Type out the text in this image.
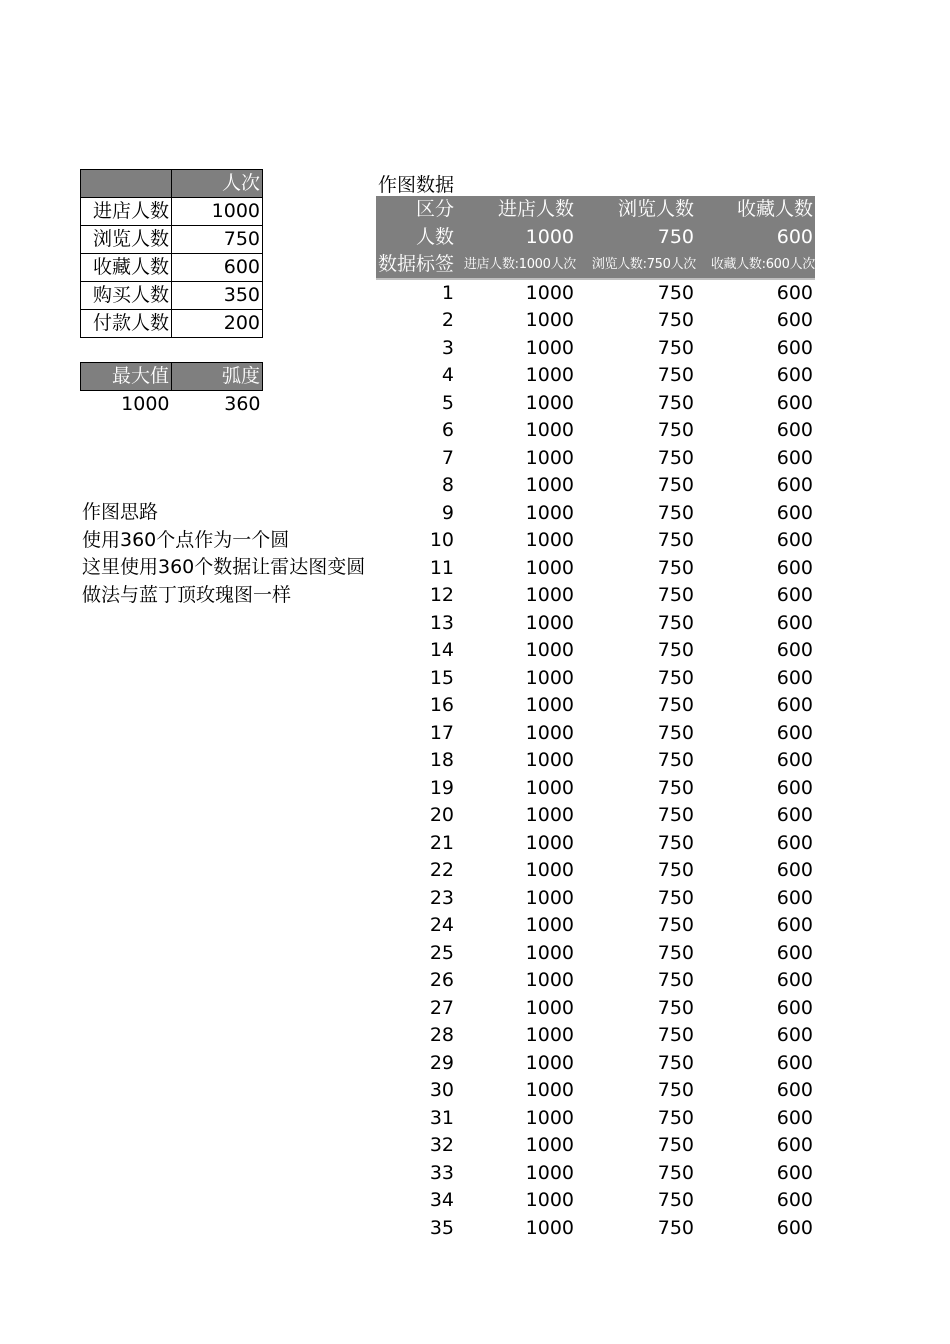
	人次
进店人数	1000
浏览人数	750
收藏人数	600
购买人数	350
付款人数	200
最大值	弧度
1000	360
作图思路
使用360个点作为一个圆
这里使用360个数据让雷达图变圆
做法与蓝丁顶玫瑰图一样
作图数据
区分	进店人数	浏览人数	收藏人数
人数	1000	750	600
数据标签	进店人数:1000人次	浏览人数:750人次	收藏人数:600人次
1	1000	750	600
2	1000	750	600
3	1000	750	600
4	1000	750	600
5	1000	750	600
6	1000	750	600
7	1000	750	600
8	1000	750	600
9	1000	750	600
10	1000	750	600
11	1000	750	600
12	1000	750	600
13	1000	750	600
14	1000	750	600
15	1000	750	600
16	1000	750	600
17	1000	750	600
18	1000	750	600
19	1000	750	600
20	1000	750	600
21	1000	750	600
22	1000	750	600
23	1000	750	600
24	1000	750	600
25	1000	750	600
26	1000	750	600
27	1000	750	600
28	1000	750	600
29	1000	750	600
30	1000	750	600
31	1000	750	600
32	1000	750	600
33	1000	750	600
34	1000	750	600
35	1000	750	600
